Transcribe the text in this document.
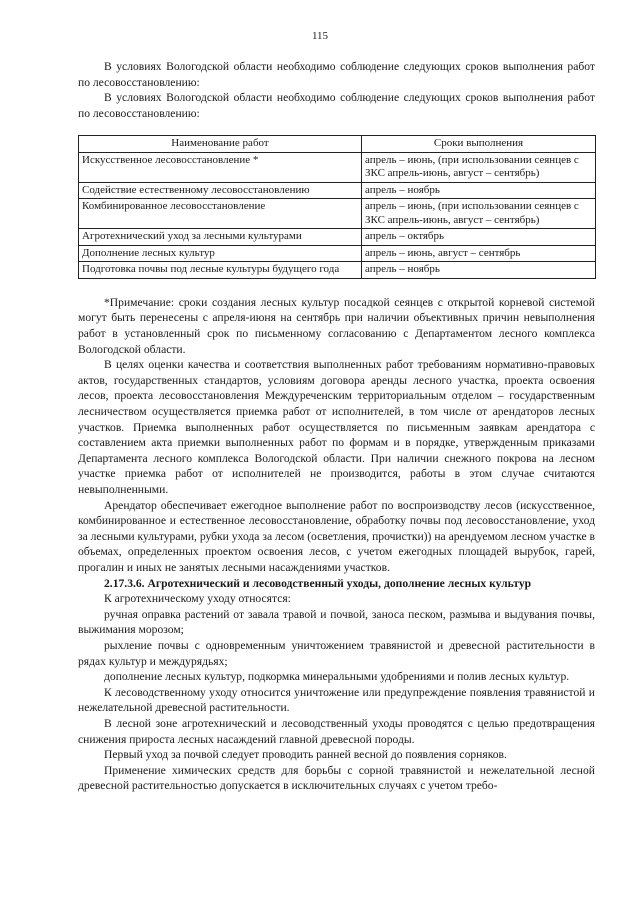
115

В условиях Вологодской области необходимо соблюдение следующих сроков выполнения работ по лесовосстановлению:

В условиях Вологодской области необходимо соблюдение следующих сроков выполнения работ по лесовосстановлению:

Наименование работ	Сроки выполнения
Искусственное лесовосстановление *	апрель – июнь, (при использовании сеянцев с ЗКС апрель-июнь, август – сентябрь)
Содействие естественному лесовосстановлению	апрель – ноябрь
Комбинированное лесовосстановление	апрель – июнь, (при использовании сеянцев с ЗКС апрель-июнь, август – сентябрь)
Агротехнический уход за лесными культурами	апрель – октябрь
Дополнение лесных культур	апрель – июнь, август – сентябрь
Подготовка почвы под лесные культуры будущего года	апрель – ноябрь

*Примечание: сроки создания лесных культур посадкой сеянцев с открытой корневой системой могут быть перенесены с апреля-июня на сентябрь при наличии объективных причин невыполнения работ в установленный срок по письменному согласованию с Департаментом лесного комплекса Вологодской области.

В целях оценки качества и соответствия выполненных работ требованиям нормативно-правовых актов, государственных стандартов, условиям договора аренды лесного участка, проекта освоения лесов, проекта лесовосстановления Междуреченским территориальным отделом – государственным лесничеством осуществляется приемка работ от исполнителей, в том числе от арендаторов лесных участков. Приемка выполненных работ осуществляется по письменным заявкам арендатора с составлением акта приемки выполненных работ по формам и в порядке, утвержденным приказами Департамента лесного комплекса Вологодской области. При наличии снежного покрова на лесном участке приемка работ от исполнителей не производится, работы в этом случае считаются невыполненными.

Арендатор обеспечивает ежегодное выполнение работ по воспроизводству лесов (искусственное, комбинированное и естественное лесовосстановление, обработку почвы под лесовосстановление, уход за лесными культурами, рубки ухода за лесом (осветления, прочистки)) на арендуемом лесном участке в объемах, определенных проектом освоения лесов, с учетом ежегодных площадей вырубок, гарей, прогалин и иных не занятых лесными насаждениями участков.

2.17.3.6. Агротехнический и лесоводственный уходы, дополнение лесных культур

К агротехническому уходу относятся:

ручная оправка растений от завала травой и почвой, заноса песком, размыва и выдувания почвы, выжимания морозом;

рыхление почвы с одновременным уничтожением травянистой и древесной растительности в рядах культур и междурядьях;

дополнение лесных культур, подкормка минеральными удобрениями и полив лесных культур.

К лесоводственному уходу относится уничтожение или предупреждение появления травянистой и нежелательной древесной растительности.

В лесной зоне агротехнический и лесоводственный уходы проводятся с целью предотвращения снижения прироста лесных насаждений главной древесной породы.

Первый уход за почвой следует проводить ранней весной до появления сорняков.

Применение химических средств для борьбы с сорной травянистой и нежелательной лесной древесной растительностью допускается в исключительных случаях с учетом требо-
